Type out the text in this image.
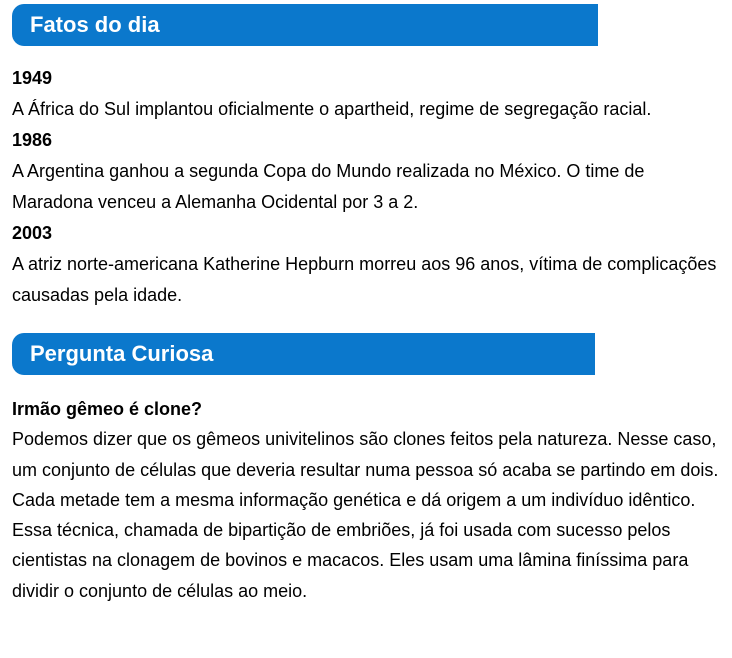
Fatos do dia
1949
A África do Sul implantou oficialmente o apartheid, regime de segregação racial.
1986
A Argentina ganhou a segunda Copa do Mundo realizada no México. O time de Maradona venceu a Alemanha Ocidental por 3 a 2.
2003
A atriz norte-americana Katherine Hepburn morreu aos 96 anos, vítima de complicações causadas pela idade.
Pergunta Curiosa
Irmão gêmeo é clone?
Podemos dizer que os gêmeos univitelinos são clones feitos pela natureza. Nesse caso, um conjunto de células que deveria resultar numa pessoa só acaba se partindo em dois. Cada metade tem a mesma informação genética e dá origem a um indivíduo idêntico. Essa técnica, chamada de bipartição de embriões, já foi usada com sucesso pelos cientistas na clonagem de bovinos e macacos. Eles usam uma lâmina finíssima para dividir o conjunto de células ao meio.
